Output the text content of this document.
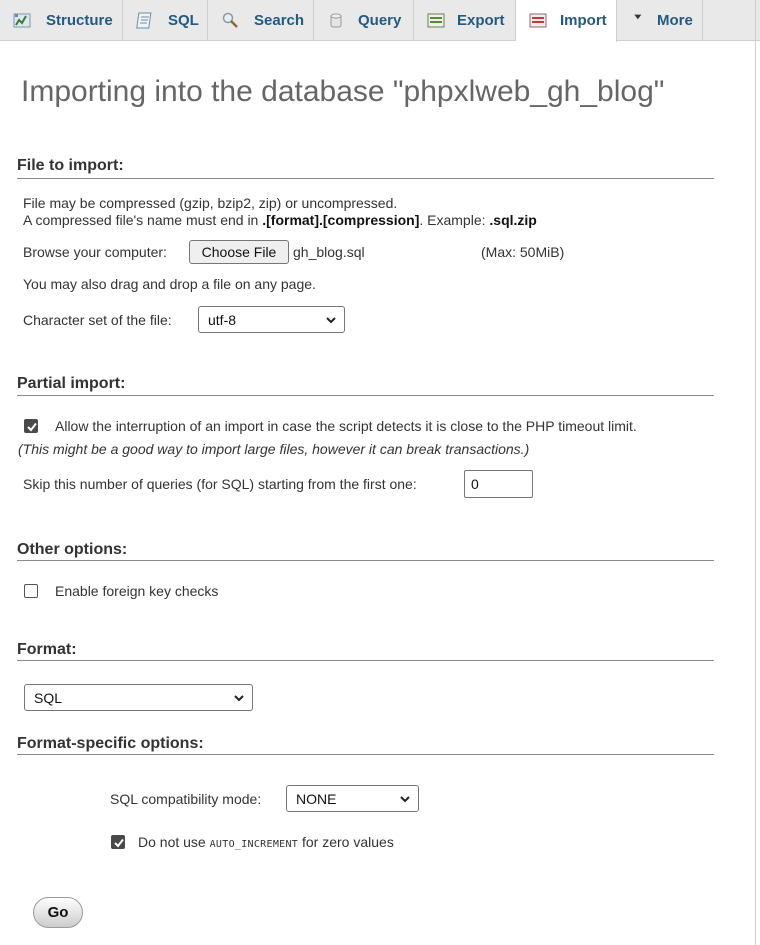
Structure	SQL	Search	Query	Export	Import	More
Importing into the database "phpxlweb_gh_blog"
File to import:
File may be compressed (gzip, bzip2, zip) or uncompressed.
A compressed file's name must end in .[format].[compression]. Example: .sql.zip
Browse your computer:	Choose File	gh_blog.sql	(Max: 50MiB)
You may also drag and drop a file on any page.
Character set of the file:	utf-8
Partial import:
Allow the interruption of an import in case the script detects it is close to the PHP timeout limit.
(This might be a good way to import large files, however it can break transactions.)
Skip this number of queries (for SQL) starting from the first one:
0
Other options:
Enable foreign key checks
Format:
SQL
Format-specific options:
SQL compatibility mode: NONE
Do not use AUTO_INCREMENT for zero values
Go
